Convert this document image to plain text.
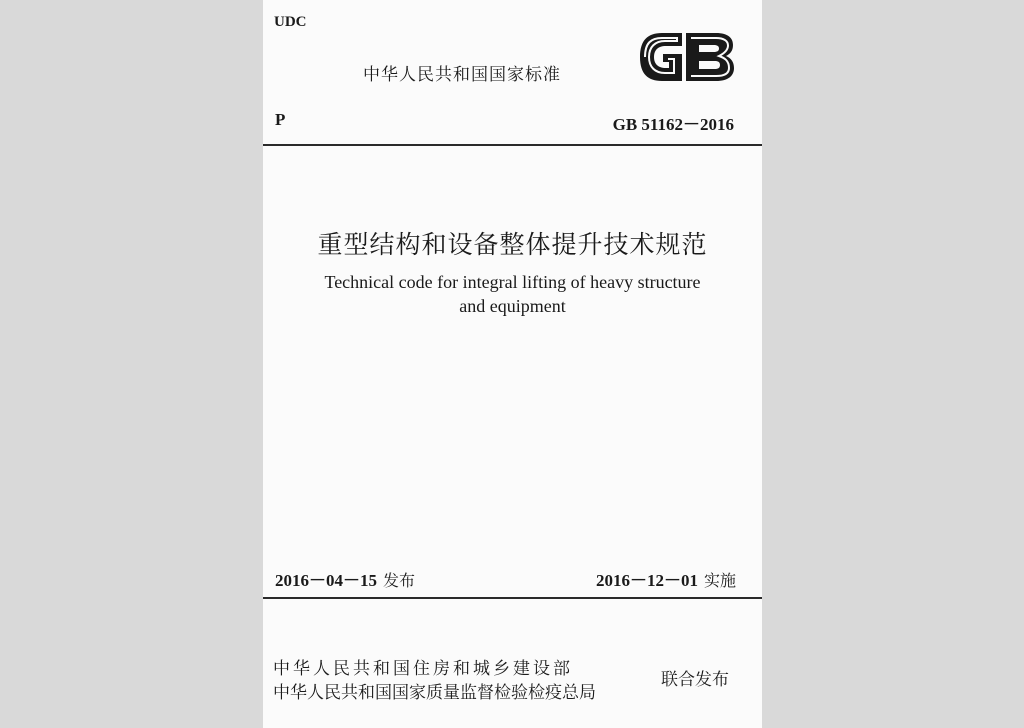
UDC
中华人民共和国国家标准
P	GB 51162－2016
重型结构和设备整体提升技术规范
Technical code for integral lifting of heavy structure
and equipment
2016－04－15 发布	2016－12－01 实施
中华人民共和国住房和城乡建设部
中华人民共和国国家质量监督检验检疫总局
联合发布
